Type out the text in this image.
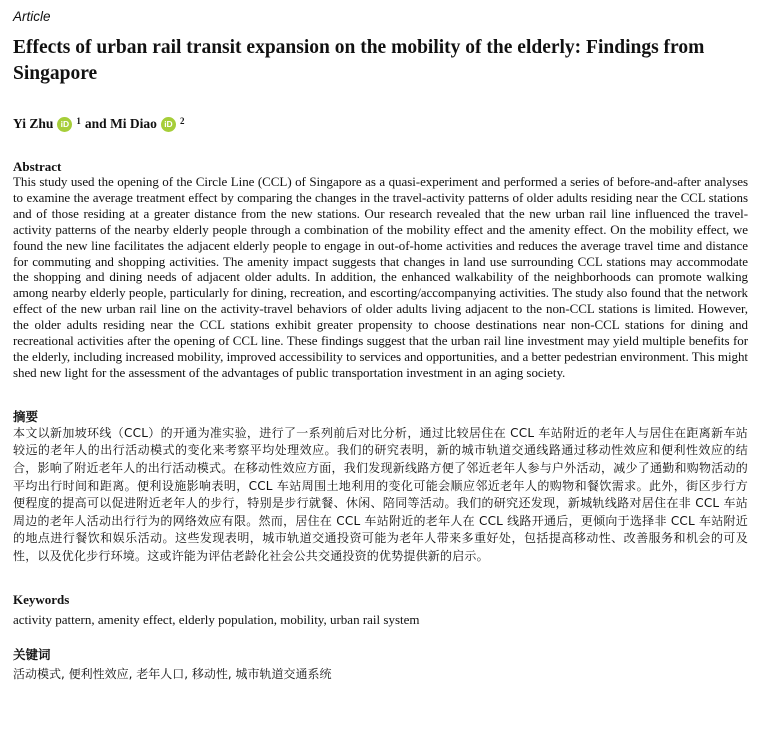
Article
Effects of urban rail transit expansion on the mobility of the elderly: Findings from Singapore
Yi Zhu iD 1 and
Mi Diao iD 2
Abstract
This study used the opening of the Circle Line (CCL) of Singapore as a quasi-experiment and performed a series of before-and-after analyses to examine the average treatment effect by comparing the changes in the travel-activity patterns of older adults residing near the CCL stations and of those residing at a greater distance from the new stations. Our research revealed that the new urban rail line influenced the travel-activity patterns of the nearby elderly people through a combination of the mobility effect and the amenity effect. On the mobility effect, we found the new line facilitates the adjacent elderly people to engage in out-of-home activities and reduces the average travel time and distance for commuting and shopping activities. The amenity impact suggests that changes in land use surrounding CCL stations may accommodate the shopping and dining needs of adjacent older adults. In addition, the enhanced walkability of the neighborhoods can promote walking among nearby elderly people, particularly for dining, recreation, and escorting/accompanying activities. The study also found that the network effect of the new urban rail line on the activity-travel behaviors of older adults living adjacent to the non-CCL stations is limited. However, the older adults residing near the CCL stations exhibit greater propensity to choose destinations near non-CCL stations for dining and recreational activities after the opening of CCL line. These findings suggest that the urban rail line investment may yield multiple benefits for the elderly, including increased mobility, improved accessibility to services and opportunities, and a better pedestrian environment. This might shed new light for the assessment of the advantages of public transportation investment in an aging society.
摘要
本文以新加坡环线（CCL）的开通为准实验，进行了一系列前后对比分析，通过比较居住在 CCL 车站附近的老年人与居住在距离新车站较远的老年人的出行活动模式的变化来考察平均处理效应。我们的研究表明，新的城市轨道交通线路通过移动性效应和便利性效应的结合，影响了附近老年人的出行活动模式。在移动性效应方面，我们发现新线路方便了邻近老年人参与户外活动，减少了通勤和购物活动的平均出行时间和距离。便利设施影响表明，CCL 车站周围土地利用的变化可能会顺应邻近老年人的购物和餐饮需求。此外，街区步行方便程度的提高可以促进附近老年人的步行，特别是步行就餐、休闲、陪同等活动。我们的研究还发现，新城轨线路对居住在非 CCL 车站周边的老年人活动出行行为的网络效应有限。然而，居住在 CCL 车站附近的老年人在 CCL 线路开通后，更倾向于选择非 CCL 车站附近的地点进行餐饮和娱乐活动。这些发现表明，城市轨道交通投资可能为老年人带来多重好处，包括提高移动性、改善服务和机会的可及性，以及优化步行环境。这或许能为评估老龄化社会公共交通投资的优势提供新的启示。
Keywords
activity pattern, amenity effect, elderly population, mobility, urban rail system
关键词
活动模式, 便利性效应, 老年人口, 移动性, 城市轨道交通系统
